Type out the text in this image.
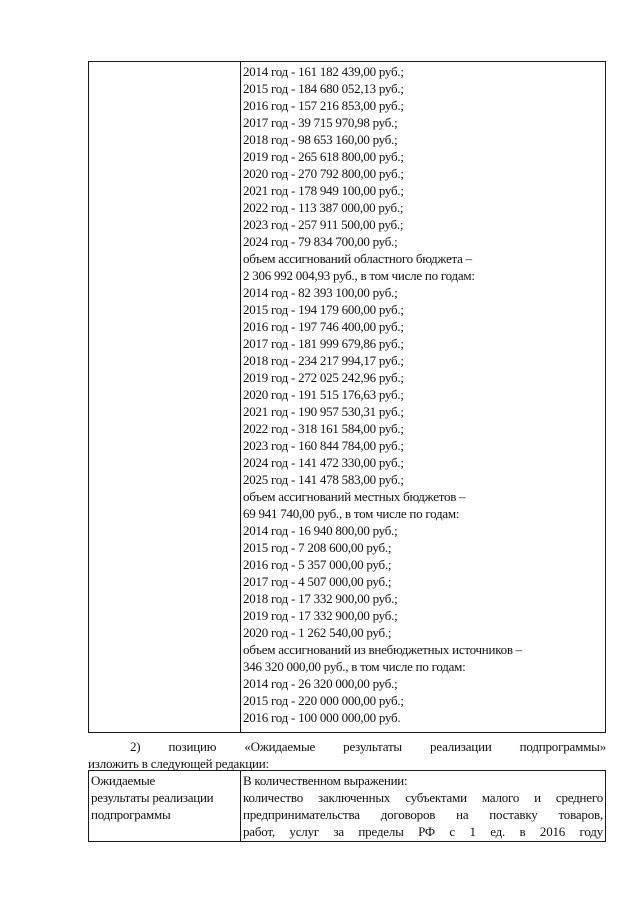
2014 год - 161 182 439,00 руб.;
2015 год - 184 680 052,13 руб.;
2016 год - 157 216 853,00 руб.;
2017 год - 39 715 970,98 руб.;
2018 год - 98 653 160,00 руб.;
2019 год - 265 618 800,00 руб.;
2020 год - 270 792 800,00 руб.;
2021 год - 178 949 100,00 руб.;
2022 год - 113 387 000,00 руб.;
2023 год - 257 911 500,00 руб.;
2024 год - 79 834 700,00 руб.;
объем ассигнований областного бюджета –
2 306 992 004,93 руб., в том числе по годам:
2014 год - 82 393 100,00 руб.;
2015 год - 194 179 600,00 руб.;
2016 год - 197 746 400,00 руб.;
2017 год - 181 999 679,86 руб.;
2018 год - 234 217 994,17 руб.;
2019 год - 272 025 242,96 руб.;
2020 год - 191 515 176,63 руб.;
2021 год - 190 957 530,31 руб.;
2022 год - 318 161 584,00 руб.;
2023 год - 160 844 784,00 руб.;
2024 год - 141 472 330,00 руб.;
2025 год - 141 478 583,00 руб.;
объем ассигнований местных бюджетов –
69 941 740,00 руб., в том числе по годам:
2014 год - 16 940 800,00 руб.;
2015 год - 7 208 600,00 руб.;
2016 год - 5 357 000,00 руб.;
2017 год - 4 507 000,00 руб.;
2018 год - 17 332 900,00 руб.;
2019 год - 17 332 900,00 руб.;
2020 год - 1 262 540,00 руб.;
объем ассигнований из внебюджетных источников –
346 320 000,00 руб., в том числе по годам:
2014 год - 26 320 000,00 руб.;
2015 год - 220 000 000,00 руб.;
2016 год - 100 000 000,00 руб.
2) позицию «Ожидаемые результаты реализации подпрограммы»
изложить в следующей редакции:
Ожидаемые
результаты реализации
подпрограммы
В количественном выражении:
количество заключенных субъектами малого и среднего
предпринимательства договоров на поставку товаров,
работ, услуг за пределы РФ с 1 ед. в 2016 году
